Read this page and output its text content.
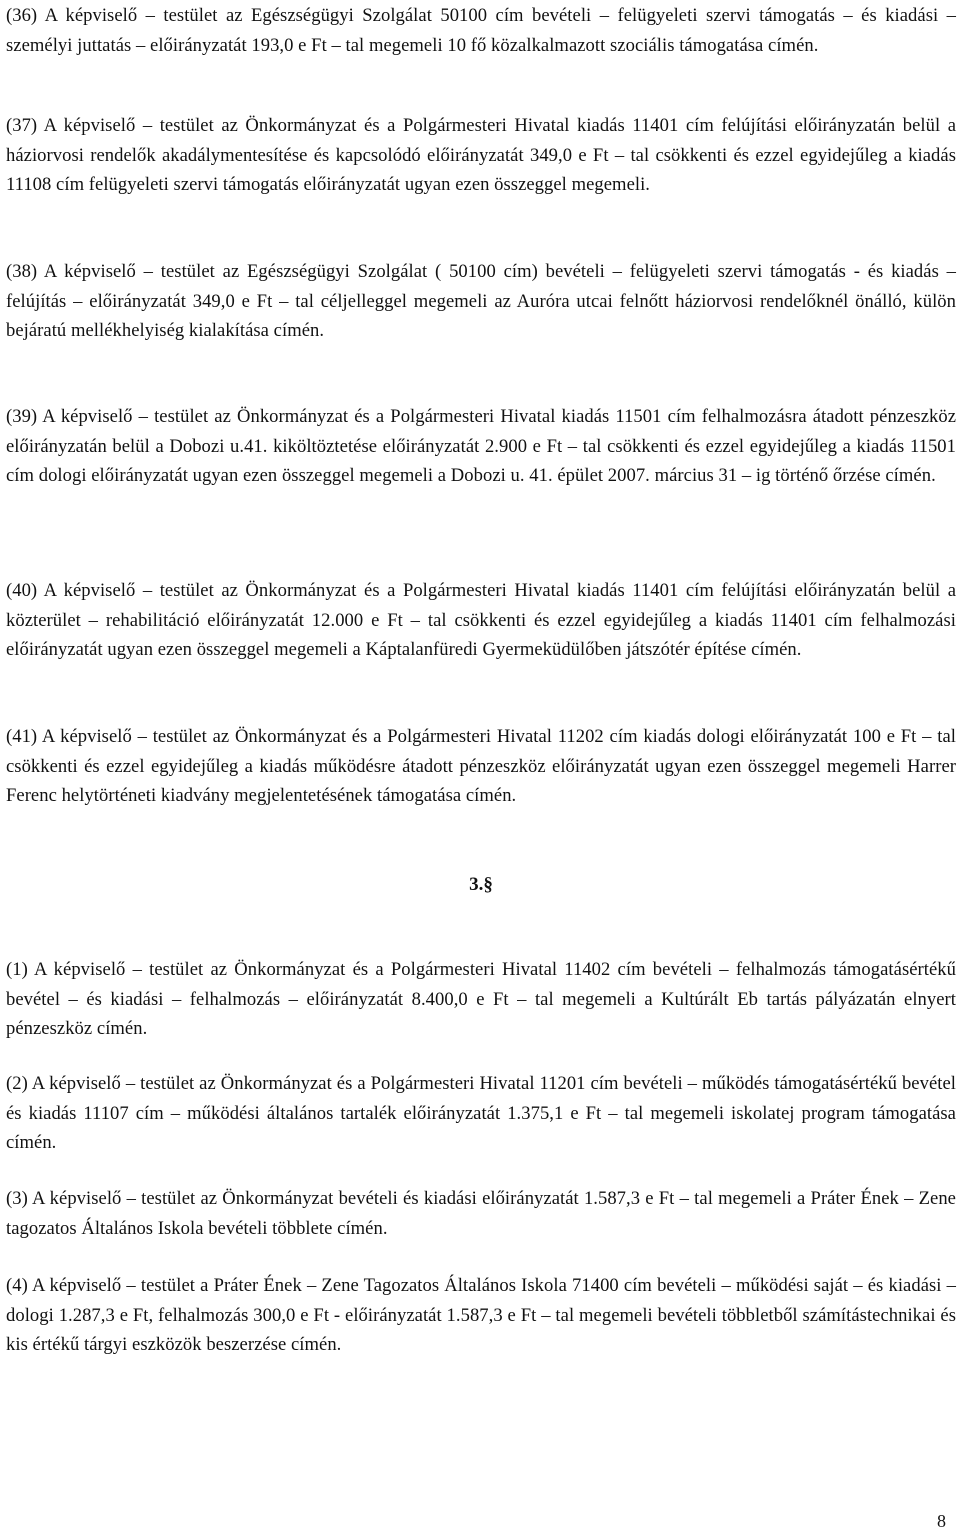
(36) A képviselő – testület az Egészségügyi Szolgálat 50100 cím bevételi – felügyeleti szervi támogatás – és kiadási – személyi juttatás – előirányzatát 193,0 e Ft – tal megemeli 10 fő közalkalmazott szociális támogatása címén.

(37) A képviselő – testület az Önkormányzat és a Polgármesteri Hivatal kiadás 11401 cím felújítási előirányzatán belül a háziorvosi rendelők akadálymentesítése és kapcsolódó előirányzatát 349,0 e Ft – tal csökkenti és ezzel egyidejűleg a kiadás 11108 cím felügyeleti szervi támogatás előirányzatát ugyan ezen összeggel megemeli.

(38) A képviselő – testület az Egészségügyi Szolgálat ( 50100 cím) bevételi – felügyeleti szervi támogatás - és kiadás – felújítás – előirányzatát 349,0 e Ft – tal céljelleggel megemeli az Auróra utcai felnőtt háziorvosi rendelőknél önálló, külön bejáratú mellékhelyiség kialakítása címén.

(39) A képviselő – testület az Önkormányzat és a Polgármesteri Hivatal kiadás 11501 cím felhalmozásra átadott pénzeszköz előirányzatán belül a Dobozi u.41. kiköltöztetése előirányzatát 2.900 e Ft – tal csökkenti és ezzel egyidejűleg a kiadás 11501 cím dologi előirányzatát ugyan ezen összeggel megemeli a Dobozi u. 41. épület 2007. március 31 – ig történő őrzése címén.

(40) A képviselő – testület az Önkormányzat és a Polgármesteri Hivatal kiadás 11401 cím felújítási előirányzatán belül a közterület – rehabilitáció előirányzatát 12.000 e Ft – tal csökkenti és ezzel egyidejűleg a kiadás 11401 cím felhalmozási előirányzatát ugyan ezen összeggel megemeli a Káptalanfüredi Gyermeküdülőben játszótér építése címén.

(41) A képviselő – testület az Önkormányzat és a Polgármesteri Hivatal 11202 cím kiadás dologi előirányzatát 100 e Ft – tal csökkenti és ezzel egyidejűleg a kiadás működésre átadott pénzeszköz előirányzatát ugyan ezen összeggel megemeli Harrer Ferenc helytörténeti kiadvány megjelentetésének támogatása címén.

3.§

(1) A képviselő – testület az Önkormányzat és a Polgármesteri Hivatal 11402 cím bevételi – felhalmozás támogatásértékű bevétel – és kiadási – felhalmozás – előirányzatát 8.400,0 e Ft – tal megemeli a Kultúrált Eb tartás pályázatán elnyert pénzeszköz címén.

(2) A képviselő – testület az Önkormányzat és a Polgármesteri Hivatal 11201 cím bevételi – működés támogatásértékű bevétel és kiadás 11107 cím – működési általános tartalék előirányzatát 1.375,1 e Ft – tal megemeli iskolatej program támogatása címén.

(3) A képviselő – testület az Önkormányzat bevételi és kiadási előirányzatát 1.587,3 e Ft – tal megemeli a Práter Ének – Zene tagozatos Általános Iskola bevételi többlete címén.

(4) A képviselő – testület a Práter Ének – Zene Tagozatos Általános Iskola 71400 cím bevételi – működési saját – és kiadási – dologi 1.287,3 e Ft, felhalmozás 300,0 e Ft - előirányzatát 1.587,3 e Ft – tal megemeli bevételi többletből számítástechnikai és kis értékű tárgyi eszközök beszerzése címén.

8
